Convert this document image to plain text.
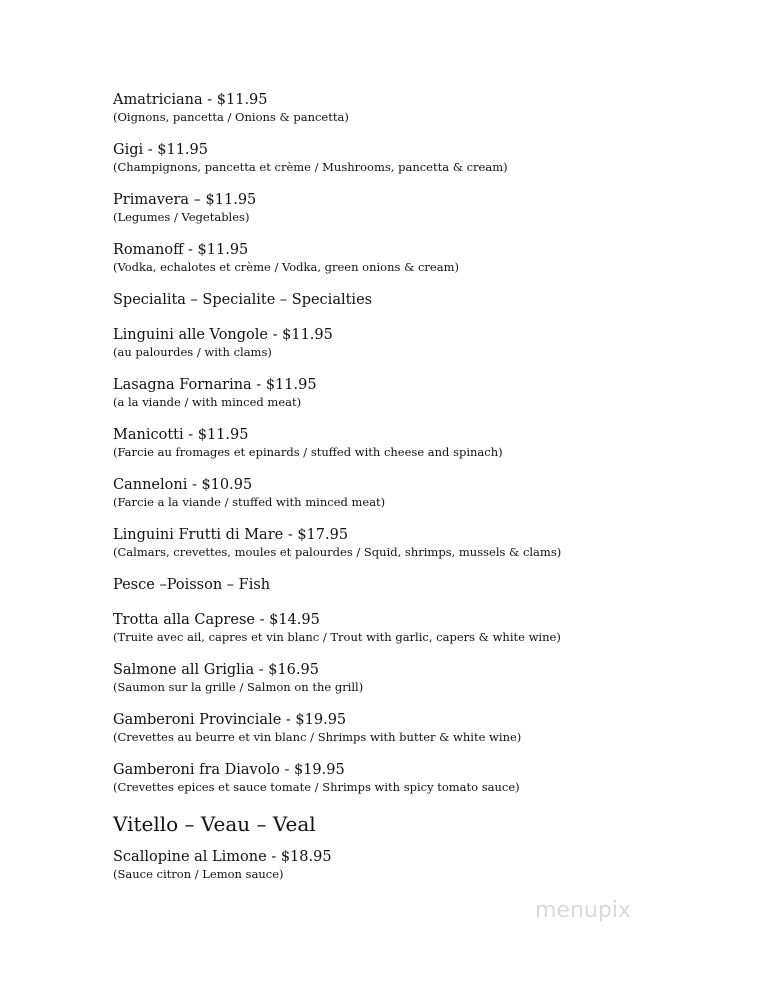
Amatriciana - $11.95
(Oignons, pancetta / Onions & pancetta)
Gigi - $11.95
(Champignons, pancetta et crème / Mushrooms, pancetta & cream)
Primavera – $11.95
(Legumes / Vegetables)
Romanoff - $11.95
(Vodka, echalotes et crème / Vodka, green onions & cream)
Specialita – Specialite – Specialties
Linguini alle Vongole - $11.95
(au palourdes / with clams)
Lasagna Fornarina - $11.95
(a la viande / with minced meat)
Manicotti - $11.95
(Farcie au fromages et epinards / stuffed with cheese and spinach)
Canneloni - $10.95
(Farcie a la viande / stuffed with minced meat)
Linguini Frutti di Mare - $17.95
(Calmars, crevettes, moules et palourdes / Squid, shrimps, mussels & clams)
Pesce –Poisson – Fish
Trotta alla Caprese - $14.95
(Truite avec ail, capres et vin blanc / Trout with garlic, capers & white wine)
Salmone all Griglia - $16.95
(Saumon sur la grille / Salmon on the grill)
Gamberoni Provinciale - $19.95
(Crevettes au beurre et vin blanc / Shrimps with butter & white wine)
Gamberoni fra Diavolo - $19.95
(Crevettes epices et sauce tomate / Shrimps with spicy tomato sauce)
Vitello – Veau – Veal
Scallopine al Limone - $18.95
(Sauce citron / Lemon sauce)
menupix
